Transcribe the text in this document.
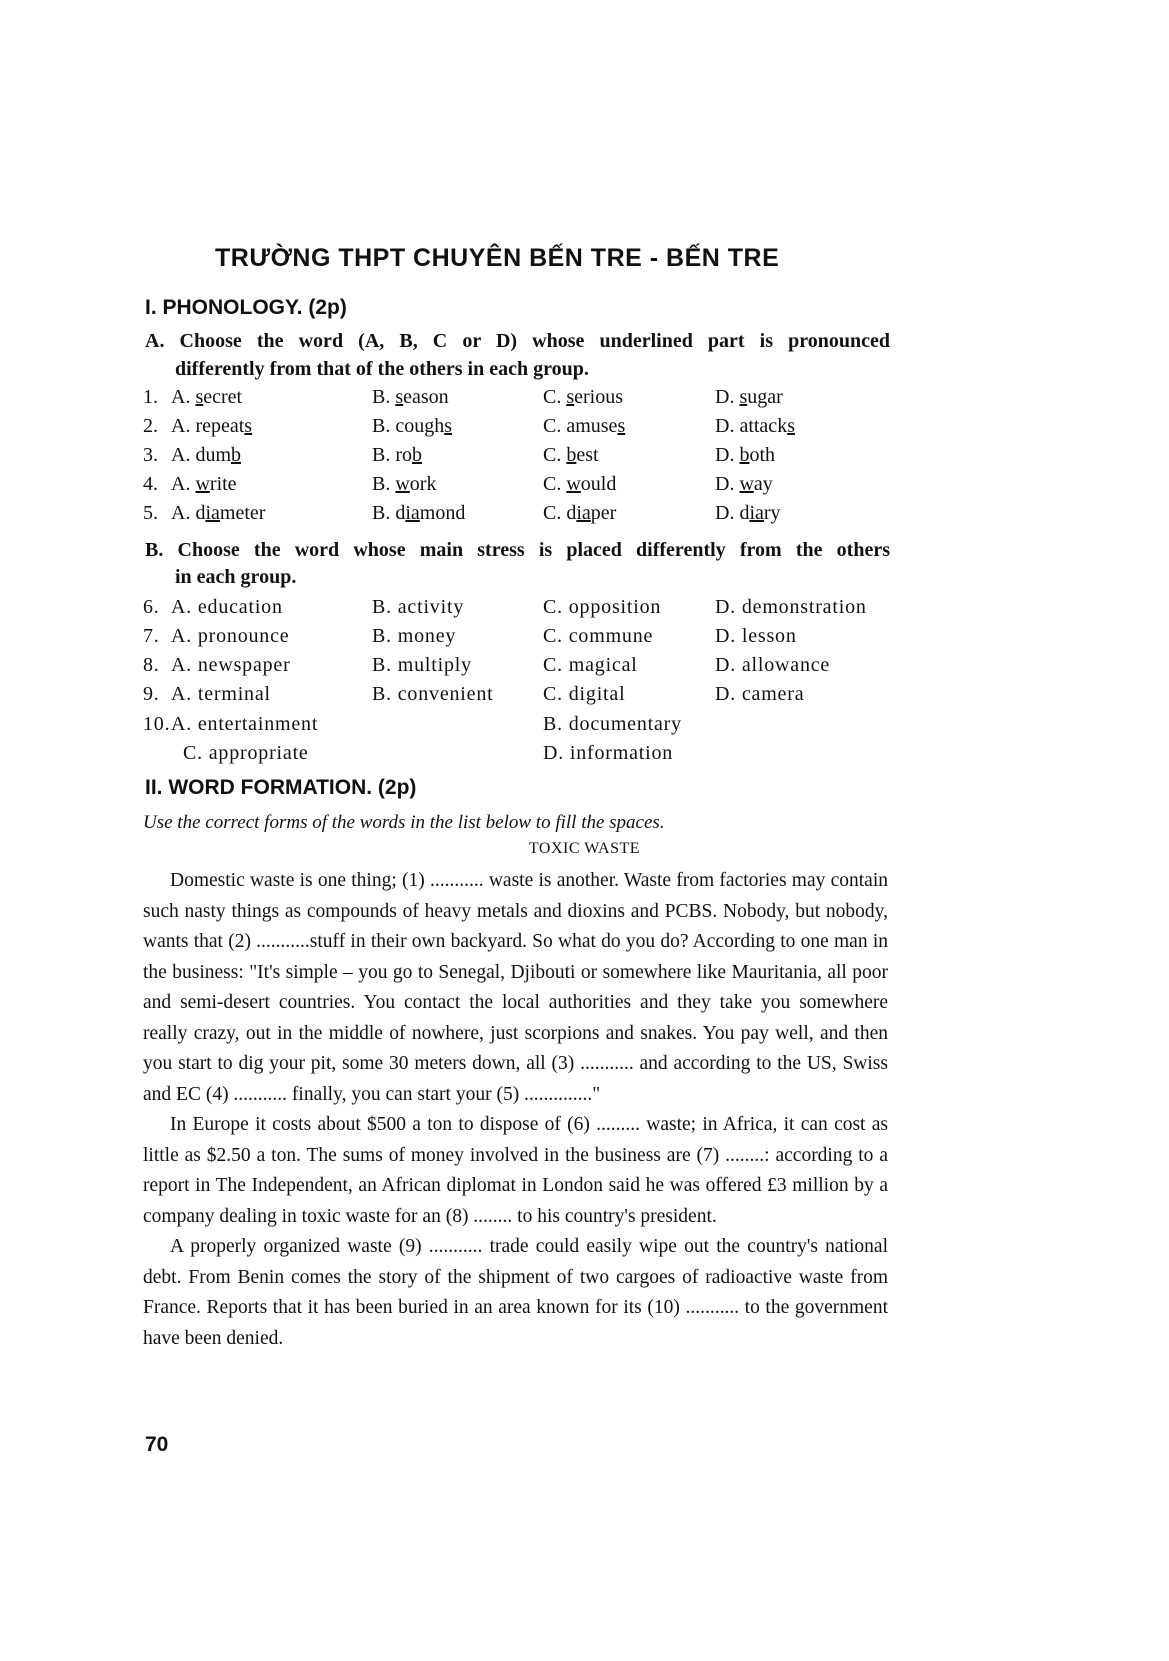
TRƯỜNG THPT CHUYÊN BẾN TRE - BẾN TRE
I. PHONOLOGY. (2p)
A. Choose the word (A, B, C or D) whose underlined part is pronounced
differently from that of the others in each group.
1. A. secret	B. season	C. serious	D. sugar
2. A. repeats	B. coughs	C. amuses	D. attacks
3. A. dumb	B. rob	C. best	D. both
4. A. write	B. work	C. would	D. way
5. A. diameter	B. diamond	C. diaper	D. diary
B. Choose the word whose main stress is placed differently from the others
in each group.
6. A. education	B. activity	C. opposition	D. demonstration
7. A. pronounce	B. money	C. commune	D. lesson
8. A. newspaper	B. multiply	C. magical	D. allowance
9. A. terminal	B. convenient C. digital	D. camera
10. A. entertainment	B. documentary
C. appropriate	D. information
II. WORD FORMATION. (2p)
Use the correct forms of the words in the list below to fill the spaces.
TOXIC WASTE

Domestic waste is one thing; (1) ........... waste is another. Waste from factories may contain such nasty things as compounds of heavy metals and dioxins and PCBS. Nobody, but nobody, wants that (2) ...........stuff in their own backyard. So what do you do? According to one man in the business: "It's simple – you go to Senegal, Djibouti or somewhere like Mauritania, all poor and semi-desert countries. You contact the local authorities and they take you somewhere really crazy, out in the middle of nowhere, just scorpions and snakes. You pay well, and then you start to dig your pit, some 30 meters down, all (3) ........... and according to the US, Swiss and EC (4) ........... finally, you can start your (5) .............."

In Europe it costs about $500 a ton to dispose of (6) ......... waste; in Africa, it can cost as little as $2.50 a ton. The sums of money involved in the business are (7) ........: according to a report in The Independent, an African diplomat in London said he was offered £3 million by a company dealing in toxic waste for an (8) ........ to his country's president.

A properly organized waste (9) ........... trade could easily wipe out the country's national debt. From Benin comes the story of the shipment of two cargoes of radioactive waste from France. Reports that it has been buried in an area known for its (10) ........... to the government have been denied.

70
